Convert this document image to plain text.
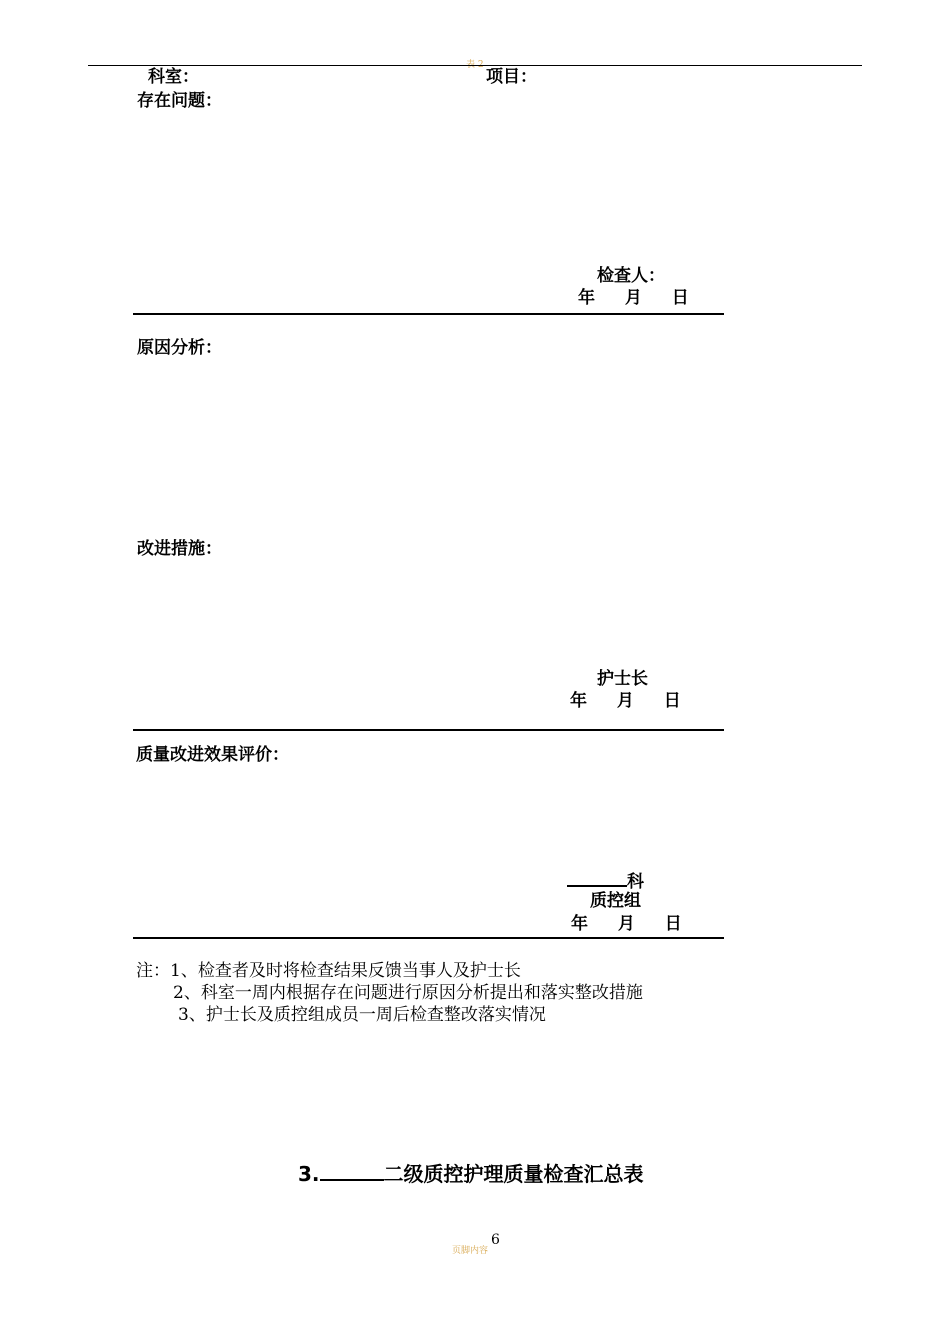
表 2
科室：	项目：
存在问题：
检查人：
年 月 日
原因分析：
改进措施：
护士长
年 月 日
质量改进效果评价：
科
质控组
年 月 日
注：1、检查者及时将检查结果反馈当事人及护士长
2、科室一周内根据存在问题进行原因分析提出和落实整改措施
3、护士长及质控组成员一周后检查整改落实情况
3.	二级质控护理质量检查汇总表
页脚内容
6
